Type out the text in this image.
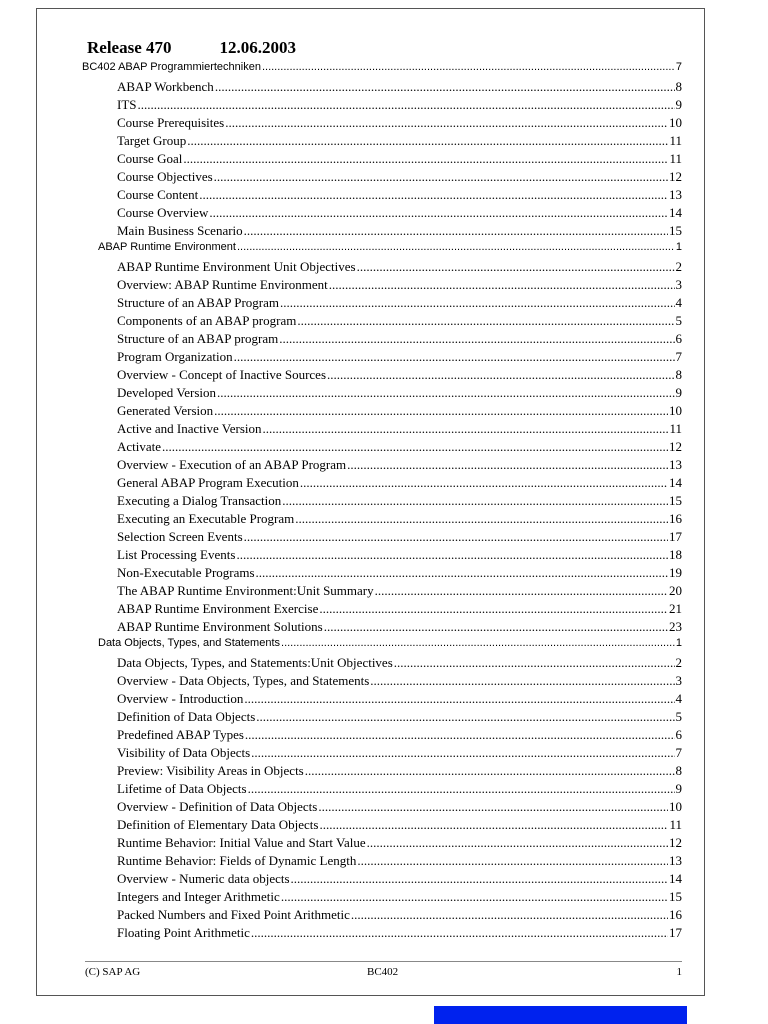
Release 470	12.06.2003
BC402 ABAP Programmiertechniken .....	7
ABAP Workbench .....	8
ITS .....	9
Course Prerequisites .....	10
Target Group .....	11
Course Goal .....	11
Course Objectives .....	12
Course Content .....	13
Course Overview .....	14
Main Business Scenario .....	15
ABAP Runtime Environment .....	1
ABAP Runtime Environment Unit Objectives .....	2
Overview: ABAP Runtime Environment .....	3
Structure of an ABAP Program .....	4
Components of an ABAP program .....	5
Structure of an ABAP program .....	6
Program Organization .....	7
Overview - Concept of Inactive Sources .....	8
Developed Version .....	9
Generated Version .....	10
Active and Inactive Version .....	11
Activate .....	12
Overview - Execution of an ABAP Program .....	13
General ABAP Program Execution .....	14
Executing a Dialog Transaction .....	15
Executing an Executable Program .....	16
Selection Screen Events .....	17
List Processing Events .....	18
Non-Executable Programs .....	19
The ABAP Runtime Environment:Unit Summary .....	20
ABAP Runtime Environment Exercise .....	21
ABAP Runtime Environment Solutions .....	23
Data Objects, Types, and Statements .....	1
Data Objects, Types, and Statements:Unit Objectives .....	2
Overview - Data Objects, Types, and Statements .....	3
Overview - Introduction .....	4
Definition of Data Objects .....	5
Predefined ABAP Types .....	6
Visibility of Data Objects .....	7
Preview: Visibility Areas in Objects .....	8
Lifetime of Data Objects .....	9
Overview - Definition of Data Objects .....	10
Definition of Elementary Data Objects .....	11
Runtime Behavior: Initial Value and Start Value .....	12
Runtime Behavior: Fields of Dynamic Length .....	13
Overview - Numeric data objects .....	14
Integers and Integer Arithmetic .....	15
Packed Numbers and Fixed Point Arithmetic .....	16
Floating Point Arithmetic .....	17
(C) SAP AG	BC402	1
